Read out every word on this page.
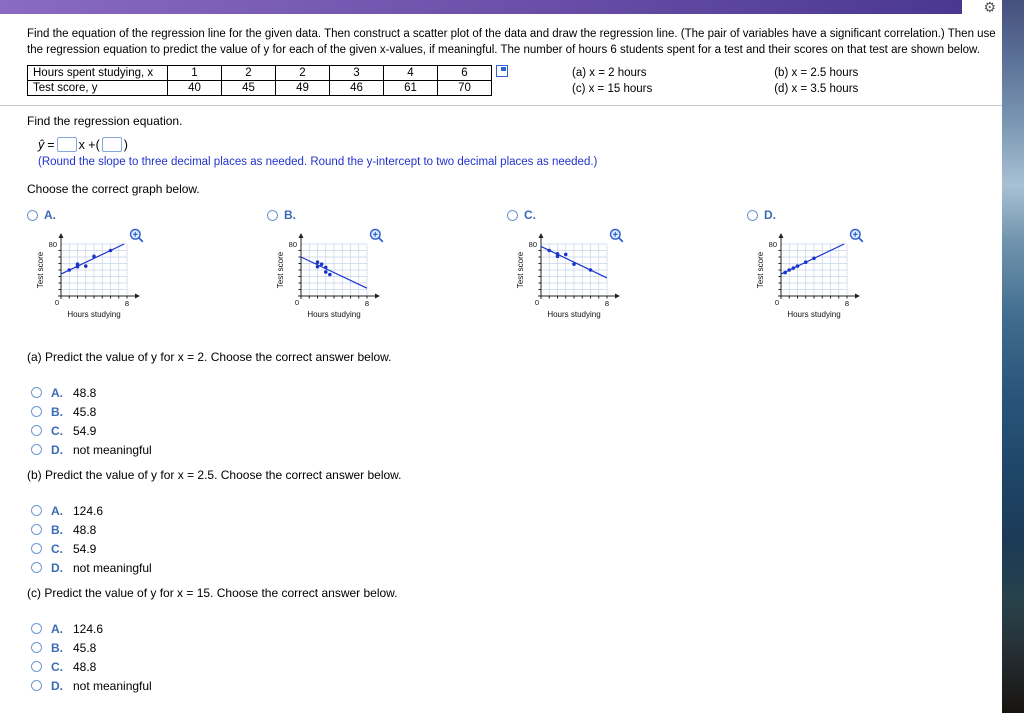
⚙
Find the equation of the regression line for the given data. Then construct a scatter plot of the data and draw the regression line. (The pair of variables have a significant correlation.) Then use the regression equation to predict the value of y for each of the given x-values, if meaningful. The number of hours 6 students spent for a test and their scores on that test are shown below.
Hours spent studying, x	1	2	2	3	4	6
Test score, y	40	45	49	46	61	70
(a) x = 2 hours
(c) x = 15 hours
(b) x = 2.5 hours
(d) x = 3.5 hours
Find the regression equation.
ŷ = x + ( )
(Round the slope to three decimal places as needed. Round the y-intercept to two decimal places as needed.)
Choose the correct graph below.
A.
80
0	8
Hours studying
Test score
B.
80
0	8
Hours studying
Test score
C.
80
0	8
Hours studying
Test score
D.
80
0	8
Hours studying
Test score
(a) Predict the value of y for x = 2. Choose the correct answer below.
A. 48.8
B. 45.8
C. 54.9
D. not meaningful
(b) Predict the value of y for x = 2.5. Choose the correct answer below.
A. 124.6
B. 48.8
C. 54.9
D. not meaningful
(c) Predict the value of y for x = 15. Choose the correct answer below.
A. 124.6
B. 45.8
C. 48.8
D. not meaningful
